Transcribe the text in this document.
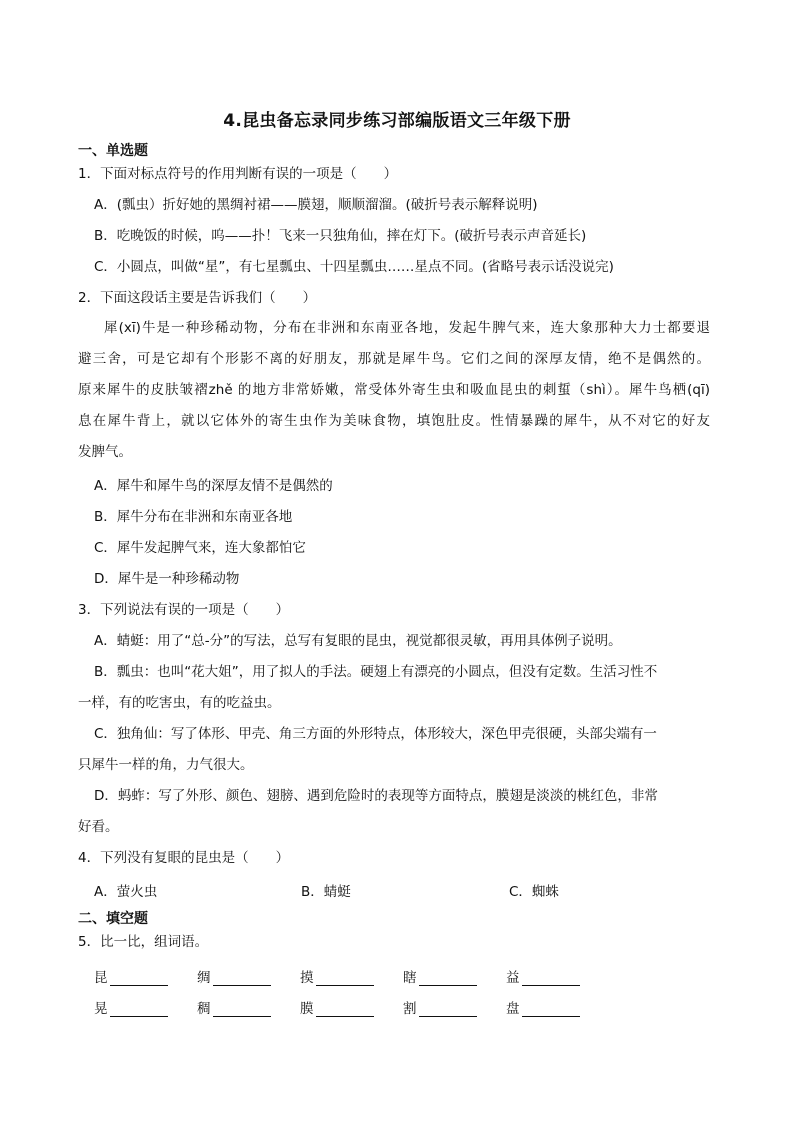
4.昆虫备忘录同步练习部编版语文三年级下册
一、单选题
1．下面对标点符号的作用判断有误的一项是（　　）
A．(瓢虫）折好她的黑绸衬裙——膜翅，顺顺溜溜。(破折号表示解释说明)
B．吃晚饭的时候，呜——扑！飞来一只独角仙，摔在灯下。(破折号表示声音延长)
C．小圆点，叫做“星”，有七星瓢虫、十四星瓢虫……星点不同。(省略号表示话没说完)
2．下面这段话主要是告诉我们（　　）

犀(xī)牛是一种珍稀动物，分布在非洲和东南亚各地，发起牛脾气来，连大象那种大力士都要退

避三舍，可是它却有个形影不离的好朋友，那就是犀牛鸟。它们之间的深厚友情，绝不是偶然的。

原来犀牛的皮肤皱褶zhě 的地方非常娇嫩，常受体外寄生虫和吸血昆虫的刺蜇（shì）。犀牛鸟栖(qī)

息在犀牛背上，就以它体外的寄生虫作为美味食物，填饱肚皮。性情暴躁的犀牛，从不对它的好友

发脾气。

A．犀牛和犀牛鸟的深厚友情不是偶然的
B．犀牛分布在非洲和东南亚各地
C．犀牛发起脾气来，连大象都怕它
D．犀牛是一种珍稀动物
3．下列说法有误的一项是（　　）
A．蜻蜓：用了“总-分”的写法，总写有复眼的昆虫，视觉都很灵敏，再用具体例子说明。
B．瓢虫：也叫“花大姐”，用了拟人的手法。硬翅上有漂亮的小圆点，但没有定数。生活习性不
一样，有的吃害虫，有的吃益虫。
C．独角仙：写了体形、甲壳、角三方面的外形特点，体形较大，深色甲壳很硬，头部尖端有一
只犀牛一样的角，力气很大。
D．蚂蚱：写了外形、颜色、翅膀、遇到危险时的表现等方面特点，膜翅是淡淡的桃红色，非常
好看。
4．下列没有复眼的昆虫是（　　）
A．萤火虫	B．蜻蜓	C．蜘蛛
二、填空题
5．比一比，组词语。
昆	绸	摸	瞎	益
晃	稠	膜	割	盘
